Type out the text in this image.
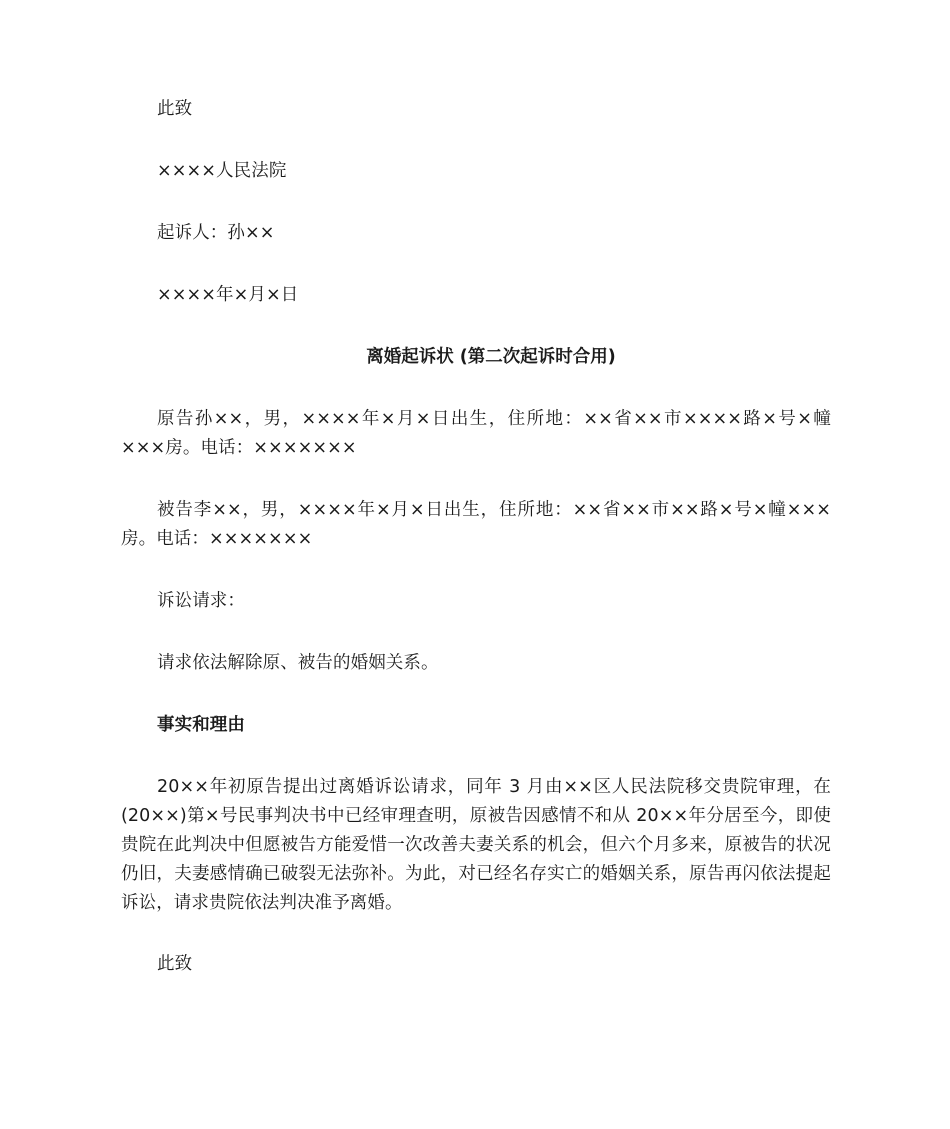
此致

××××人民法院

起诉人：孙××

××××年×月×日

离婚起诉状 (第二次起诉时合用)

原告孙××，男，××××年×月×日出生，住所地：××省××市××××路×号×幢×××房。电话：×××××××

被告李××，男，××××年×月×日出生，住所地：××省××市××路×号×幢×××房。电话：×××××××

诉讼请求：

请求依法解除原、被告的婚姻关系。

事实和理由

20××年初原告提出过离婚诉讼请求，同年 3 月由××区人民法院移交贵院审理，在(20××)第×号民事判决书中已经审理查明，原被告因感情不和从 20××年分居至今，即使贵院在此判决中但愿被告方能爱惜一次改善夫妻关系的机会，但六个月多来，原被告的状况仍旧，夫妻感情确已破裂无法弥补。为此，对已经名存实亡的婚姻关系，原告再闪依法提起诉讼，请求贵院依法判决准予离婚。

此致
